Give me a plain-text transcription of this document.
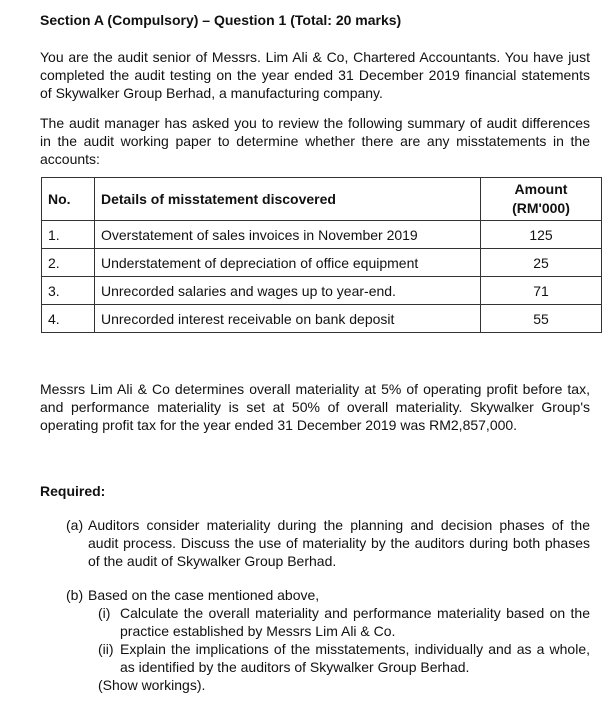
Section A (Compulsory) – Question 1 (Total: 20 marks)
You are the audit senior of Messrs. Lim Ali & Co, Chartered Accountants. You have just completed the audit testing on the year ended 31 December 2019 financial statements of Skywalker Group Berhad, a manufacturing company.
The audit manager has asked you to review the following summary of audit differences in the audit working paper to determine whether there are any misstatements in the accounts:
No.	Details of misstatement discovered	Amount
(RM'000)

1.	Overstatement of sales invoices in November 2019	125
2.	Understatement of depreciation of office equipment	25
3.	Unrecorded salaries and wages up to year-end.	71
4.	Unrecorded interest receivable on bank deposit	55
Messrs Lim Ali & Co determines overall materiality at 5% of operating profit before tax, and performance materiality is set at 50% of overall materiality. Skywalker Group's operating profit tax for the year ended 31 December 2019 was RM2,857,000.
Required:
(a) Auditors consider materiality during the planning and decision phases of the audit process. Discuss the use of materiality by the auditors during both phases of the audit of Skywalker Group Berhad.
(b) Based on the case mentioned above,
(i) Calculate the overall materiality and performance materiality based on the practice established by Messrs Lim Ali & Co.
(ii) Explain the implications of the misstatements, individually and as a whole, as identified by the auditors of Skywalker Group Berhad.
(Show workings).
